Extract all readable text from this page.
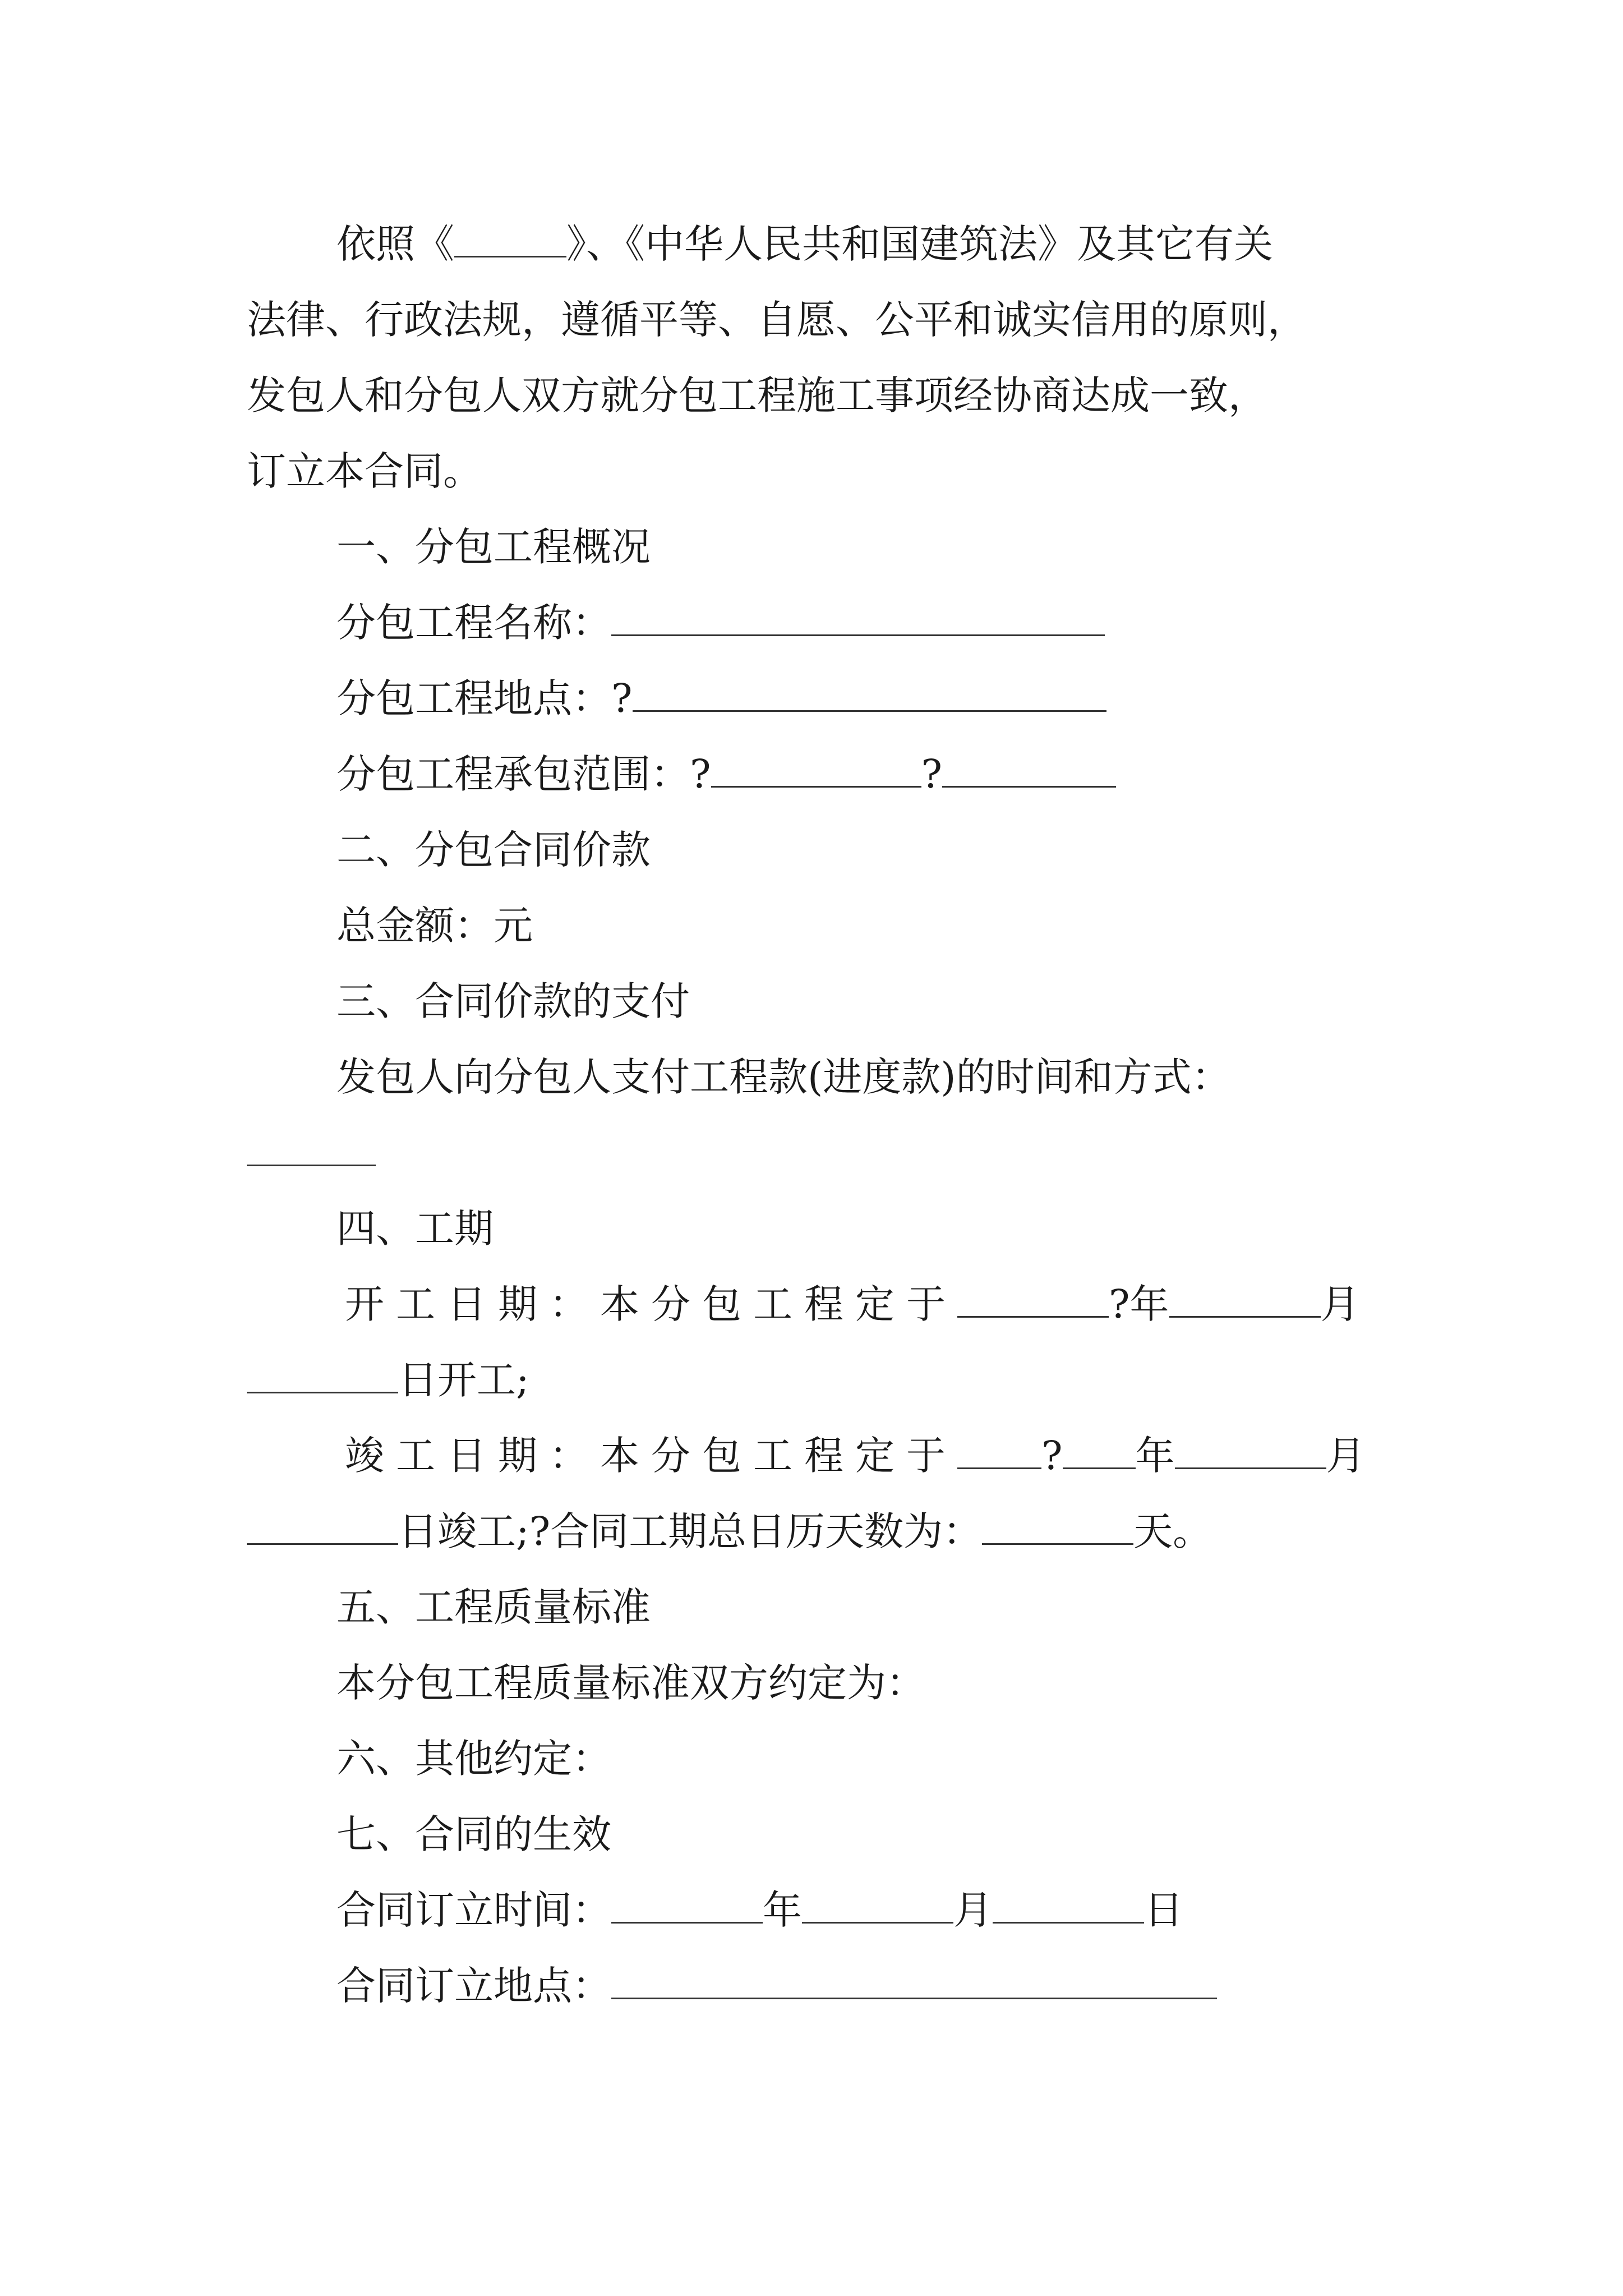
依照《	》、《中华人民共和国建筑法》及其它有关
法律、行政法规，遵循平等、自愿、公平和诚实信用的原则，
发包人和分包人双方就分包工程施工事项经协商达成一致，
订立本合同。
一、分包工程概况
分包工程名称：
分包工程地点：?
分包工程承包范围：?	?
二、分包合同价款
总金额：元
三、合同价款的支付
发包人向分包人支付工程款(进度款)的时间和方式：
四、工期
开工日期：本分包工程定于	?年	月
日开工;
竣工日期：本分包工程定于 ? 年	月
日竣工;?合同工期总日历天数为：	天。
五、工程质量标准
本分包工程质量标准双方约定为：
六、其他约定：
七、合同的生效
合同订立时间：	年	月	日
合同订立地点：
